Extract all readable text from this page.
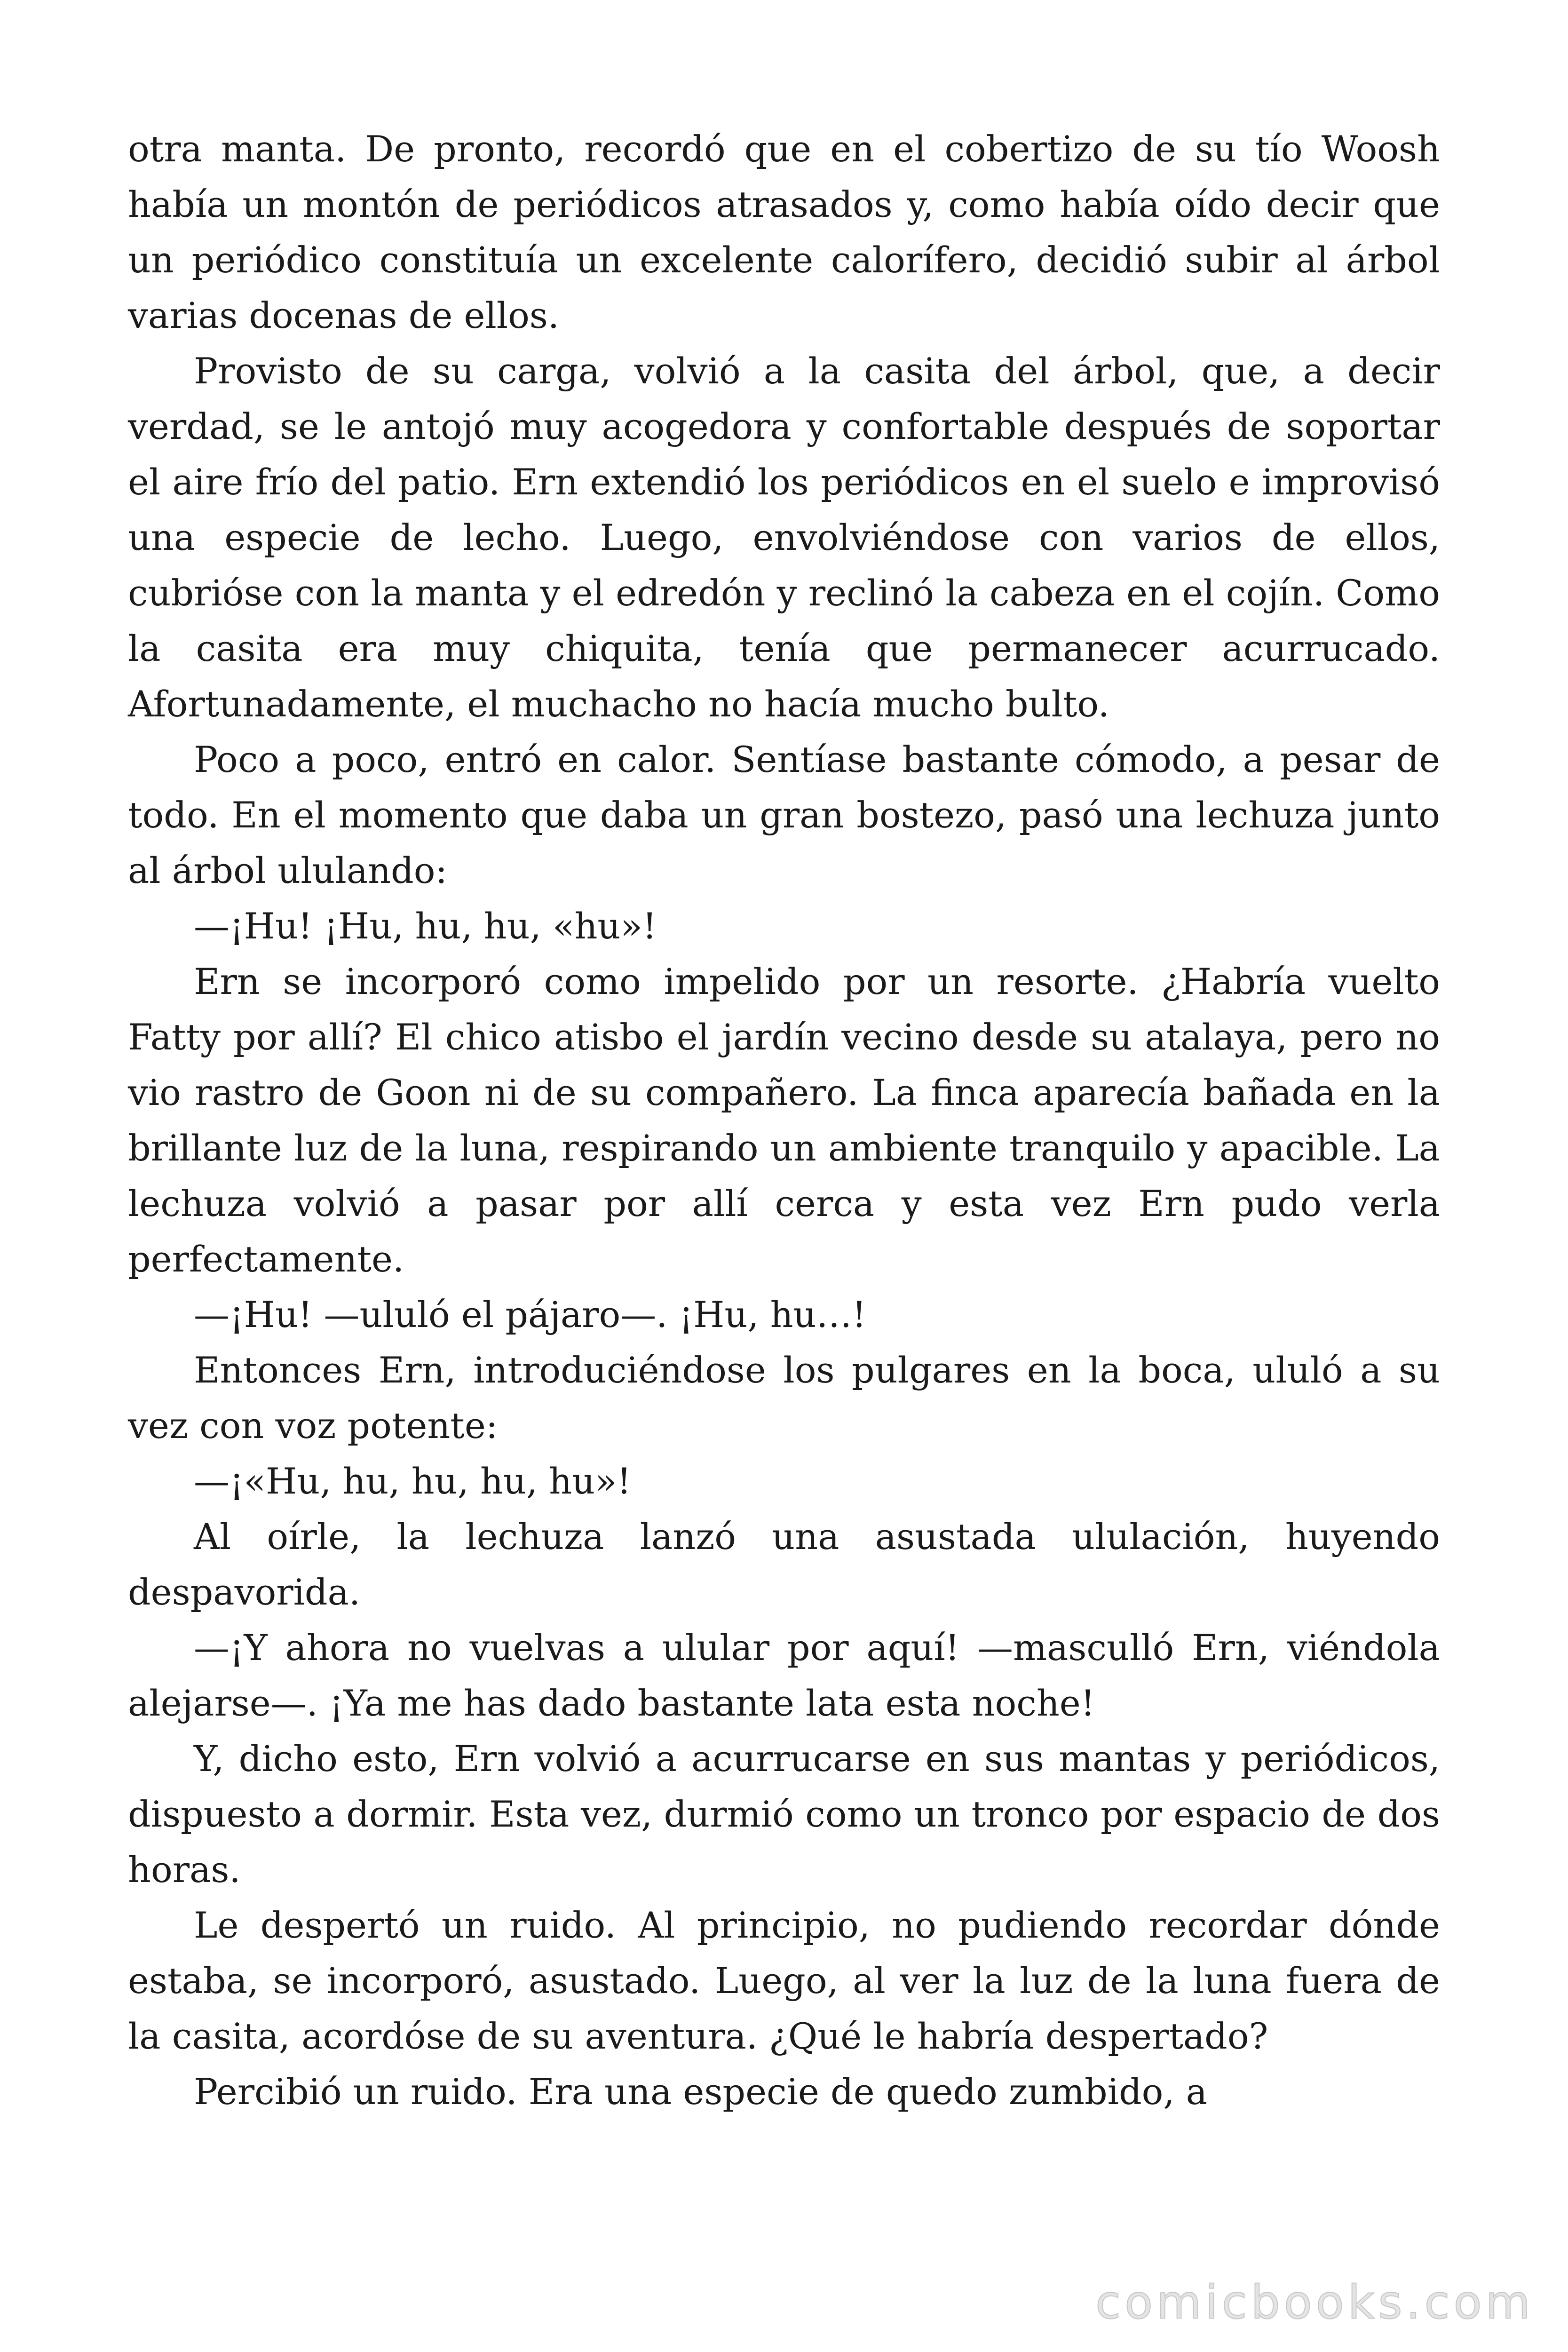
otra manta. De pronto, recordó que en el cobertizo de su tío Woosh había un montón de periódicos atrasados y, como había oído decir que un periódico constituía un excelente calorífero, decidió subir al árbol varias docenas de ellos.

Provisto de su carga, volvió a la casita del árbol, que, a decir verdad, se le antojó muy acogedora y confortable después de soportar el aire frío del patio. Ern extendió los periódicos en el suelo e improvisó una especie de lecho. Luego, envolviéndose con varios de ellos, cubrióse con la manta y el edredón y reclinó la cabeza en el cojín. Como la casita era muy chiquita, tenía que permanecer acurrucado. Afortunadamente, el muchacho no hacía mucho bulto.

Poco a poco, entró en calor. Sentíase bastante cómodo, a pesar de todo. En el momento que daba un gran bostezo, pasó una lechuza junto al árbol ululando:

—¡Hu! ¡Hu, hu, hu, «hu»!

Ern se incorporó como impelido por un resorte. ¿Habría vuelto Fatty por allí? El chico atisbo el jardín vecino desde su atalaya, pero no vio rastro de Goon ni de su compañero. La finca aparecía bañada en la brillante luz de la luna, respirando un ambiente tranquilo y apacible. La lechuza volvió a pasar por allí cerca y esta vez Ern pudo verla perfectamente.

—¡Hu! —ululó el pájaro—. ¡Hu, hu…!

Entonces Ern, introduciéndose los pulgares en la boca, ululó a su vez con voz potente:

—¡«Hu, hu, hu, hu, hu»!

Al oírle, la lechuza lanzó una asustada ululación, huyendo despavorida.

—¡Y ahora no vuelvas a ulular por aquí! —masculló Ern, viéndola alejarse—. ¡Ya me has dado bastante lata esta noche!

Y, dicho esto, Ern volvió a acurrucarse en sus mantas y periódicos, dispuesto a dormir. Esta vez, durmió como un tronco por espacio de dos horas.

Le despertó un ruido. Al principio, no pudiendo recordar dónde estaba, se incorporó, asustado. Luego, al ver la luz de la luna fuera de la casita, acordóse de su aventura. ¿Qué le habría despertado?

Percibió un ruido. Era una especie de quedo zumbido, a

comicbooks.com
